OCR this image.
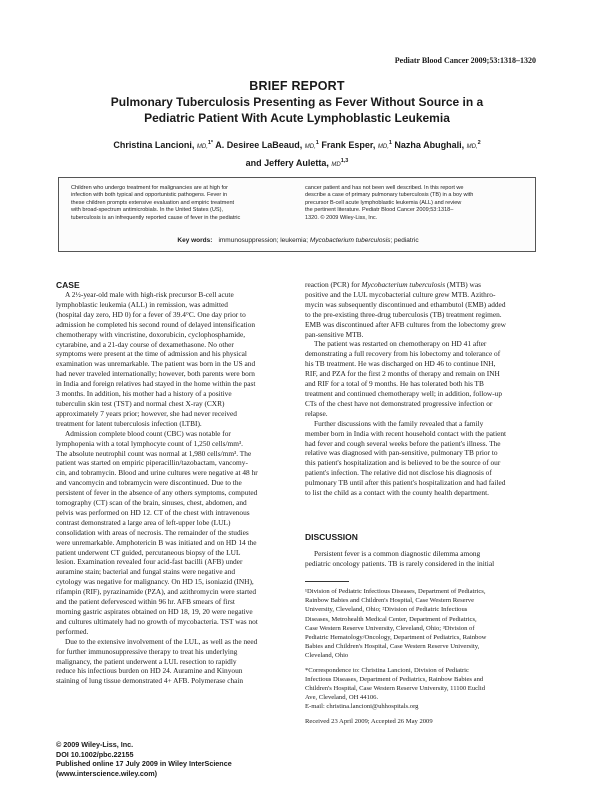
Pediatr Blood Cancer 2009;53:1318–1320
BRIEF REPORT
Pulmonary Tuberculosis Presenting as Fever Without Source in a
Pediatric Patient With Acute Lymphoblastic Leukemia
Christina Lancioni, MD,$^{1*}$ A. Desiree LaBeaud, MD,$^1$ Frank Esper, MD,$^1$ Nazha Abughali, MD,$^2$
and Jeffery Auletta, MD$^{1,3}$
Children who undergo treatment for malignancies are at high for
infection with both typical and opportunistic pathogens. Fever in
these children prompts extensive evaluation and empiric treatment
with broad-spectrum antimicrobials. In the United States (US),
tuberculosis is an infrequently reported cause of fever in the pediatric
cancer patient and has not been well described. In this report we
describe a case of primary pulmonary tuberculosis (TB) in a boy with
precursor B-cell acute lymphoblastic leukemia (ALL) and review
the pertinent literature. Pediatr Blood Cancer 2009;53:1318–
1320. © 2009 Wiley-Liss, Inc.
Key words: immunosuppression; leukemia; Mycobacterium tuberculosis; pediatric
CASE
A 2½-year-old male with high-risk precursor B-cell acute
lymphoblastic leukemia (ALL) in remission, was admitted
(hospital day zero, HD 0) for a fever of 39.4°C. One day prior to
admission he completed his second round of delayed intensification
chemotherapy with vincristine, doxorubicin, cyclophosphamide,
cytarabine, and a 21-day course of dexamethasone. No other
symptoms were present at the time of admission and his physical
examination was unremarkable. The patient was born in the US and
had never traveled internationally; however, both parents were born
in India and foreign relatives had stayed in the home within the past
3 months. In addition, his mother had a history of a positive
tuberculin skin test (TST) and normal chest X-ray (CXR)
approximately 7 years prior; however, she had never received
treatment for latent tuberculosis infection (LTBI).
Admission complete blood count (CBC) was notable for
lymphopenia with a total lymphocyte count of 1,250 cells/mm³.
The absolute neutrophil count was normal at 1,980 cells/mm³. The
patient was started on empiric piperacillin/tazobactam, vancomy-
cin, and tobramycin. Blood and urine cultures were negative at 48 hr
and vancomycin and tobramycin were discontinued. Due to the
persistent of fever in the absence of any others symptoms, computed
tomography (CT) scan of the brain, sinuses, chest, abdomen, and
pelvis was performed on HD 12. CT of the chest with intravenous
contrast demonstrated a large area of left-upper lobe (LUL)
consolidation with areas of necrosis. The remainder of the studies
were unremarkable. Amphotericin B was initiated and on HD 14 the
patient underwent CT guided, percutaneous biopsy of the LUL
lesion. Examination revealed four acid-fast bacilli (AFB) under
auramine stain; bacterial and fungal stains were negative and
cytology was negative for malignancy. On HD 15, isoniazid (INH),
rifampin (RIF), pyrazinamide (PZA), and azithromycin were started
and the patient defervesced within 96 hr. AFB smears of first
morning gastric aspirates obtained on HD 18, 19, 20 were negative
and cultures ultimately had no growth of mycobacteria. TST was not
performed.
Due to the extensive involvement of the LUL, as well as the need
for further immunosuppressive therapy to treat his underlying
malignancy, the patient underwent a LUL resection to rapidly
reduce his infectious burden on HD 24. Auramine and Kinyoun
staining of lung tissue demonstrated 4+ AFB. Polymerase chain
reaction (PCR) for Mycobacterium tuberculosis (MTB) was
positive and the LUL mycobacterial culture grew MTB. Azithro-
mycin was subsequently discontinued and ethambutol (EMB) added
to the pre-existing three-drug tuberculosis (TB) treatment regimen.
EMB was discontinued after AFB cultures from the lobectomy grew
pan-sensitive MTB.
The patient was restarted on chemotherapy on HD 41 after
demonstrating a full recovery from his lobectomy and tolerance of
his TB treatment. He was discharged on HD 46 to continue INH,
RIF, and PZA for the first 2 months of therapy and remain on INH
and RIF for a total of 9 months. He has tolerated both his TB
treatment and continued chemotherapy well; in addition, follow-up
CTs of the chest have not demonstrated progressive infection or
relapse.
Further discussions with the family revealed that a family
member born in India with recent household contact with the patient
had fever and cough several weeks before the patient's illness. The
relative was diagnosed with pan-sensitive, pulmonary TB prior to
this patient's hospitalization and is believed to be the source of our
patient's infection. The relative did not disclose his diagnosis of
pulmonary TB until after this patient's hospitalization and had failed
to list the child as a contact with the county health department.
DISCUSSION
Persistent fever is a common diagnostic dilemma among
pediatric oncology patients. TB is rarely considered in the initial
¹Division of Pediatric Infectious Diseases, Department of Pediatrics,
Rainbow Babies and Children's Hospital, Case Western Reserve
University, Cleveland, Ohio; ²Division of Pediatric Infectious
Diseases, Metrohealth Medical Center, Department of Pediatrics,
Case Western Reserve University, Cleveland, Ohio; ³Division of
Pediatric Hematology/Oncology, Department of Pediatrics, Rainbow
Babies and Children's Hospital, Case Western Reserve University,
Cleveland, Ohio
*Correspondence to: Christina Lancioni, Division of Pediatric
Infectious Diseases, Department of Pediatrics, Rainbow Babies and
Children's Hospital, Case Western Reserve University, 11100 Euclid
Ave, Cleveland, OH 44106.
E-mail: christina.lancioni@uhhospitals.org
Received 23 April 2009; Accepted 26 May 2009
© 2009 Wiley-Liss, Inc.
DOI 10.1002/pbc.22155
Published online 17 July 2009 in Wiley InterScience
(www.interscience.wiley.com)
